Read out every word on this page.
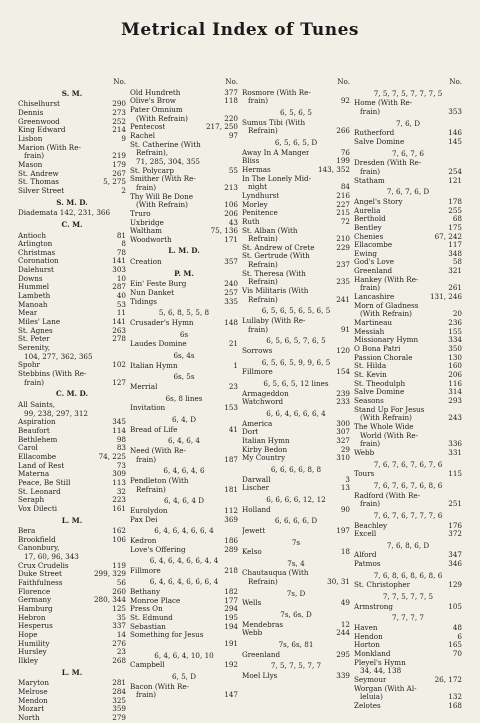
Metrical Index of Tunes
No.
S. M.
Chiselhurst	290
Dennis	273
Greenwood	252
King Edward	214
Lisbon	9
Marion (With Re-
frain)	219
Mason	179
St. Andrew	267
St. Thomas	5, 275
Silver Street	2
S. M. D.
Diademata 142, 231, 366
C. M.
Antioch	81
Arlington	8
Christmas	78
Coronation	141
Dalehurst	303
Downs	10
Hummel	287
Lambeth	40
Manoah	53
Mear	11
Miles' Lane	141
St. Agnes	263
St. Peter	278
Serenity,
104, 277, 362, 365
Spohr	102
Stebbins (With Re-
frain)	127
C. M. D.
All Saints,
99, 238, 297, 312
Aspiration	345
Beaufort	114
Bethlehem	98
Carol	83
Ellacombe	74, 225
Land of Rest	73
Materna	309
Peace, Be Still	113
St. Leonard	32
Seraph	223
Vox Dilecti	161
L. M.
Bera	162
Brookfield	106
Canonbury,
17, 60, 96, 343
Crux Crudelis	119
Duke Street	299, 329
Faithfulness	56
Florence	260
Germany	280, 344
Hamburg	125
Hebron	35
Hesperus	337
Hope	14
Humility	276
Hursley	23
Ilkley	268
L. M.
Maryton	281
Melrose	284
Mendon	325
Mozart	359
North	279
No.
Old Hundreth	377
Olive's Brow	118
Pater Omnium
(With Refrain)	220
Pentecost	217, 250
Rachel	97
St. Catherine (With
Refrain),
71, 285, 304, 355
St. Polycarp	55
Smither (With Re-
frain)	213
Thy Will Be Done
(With Refrain)	106
Truro	206
Uxbridge	43
Waltham	75, 136
Woodworth	171
L. M. D.
Creation	357
P. M.
Ein' Feste Burg	240
Nun Danket	257
Tidings	335
5, 6, 8, 5, 5, 8
Crusader's Hymn	148
6s
Laudes Domine	21
6s, 4s
Italian Hymn	1
6s, 5s
Merrial	23
6s, 8 lines
Invitation	153
6, 4, D
Bread of Life	41
6, 4, 6, 4
Need (With Re-
frain)	187
6, 4, 6, 4, 6
Pendleton (With
Refrain)	181
6, 4, 6, 4 D
Eurolydon	112
Pax Dei	369
6, 4, 6, 4, 6, 6, 4
Kedron	186
Love's Offering	289
6, 4, 6, 4, 6, 6, 4, 4
Fillmore	218
6, 4, 6, 4, 6, 6, 6, 4
Bethany	182
Monroe Place	177
Press On	294
St. Edmund	195
Sebastian	194
Something for Jesus
191
6, 4, 6, 4, 10, 10
Campbell	192
6, 5, D
Bacon (With Re-
frain)	147
No.
Rosmore (With Re-
frain)	92
6, 5, 6, 5
Sumus Tibi (With
Refrain)	266
6, 5, 6, 5, D
Away In A Manger	76
Bliss	199
Hermas	143, 352
In The Lonely Mid-
night	84
Lyndhurst	216
Morley	227
Penitence	215
Ruth	72
St. Alban (With
Refrain)	210
St. Andrew of Crete	229
St. Gertrude (With
Refrain)	237
St. Theresa (With
Refrain)	235
Vis Militaris (With
Refrain)	241
6, 5, 6, 5, 6, 5, 6, 5
Lullaby (With Re-
frain)	91
6, 5, 6, 5, 7, 6, 5
Sorrows	120
6, 5, 6, 5, 9, 9, 6, 5
Fillmore	154
6, 5, 6, 5, 12 lines
Armageddon	239
Watchword	233
6, 6, 4, 6, 6, 6, 4
America	300
Dort	307
Italian Hymn	327
Kirby Bedon	29
My Country	310
6, 6, 6, 6, 8, 8
Darwall	3
Lischer	13
6, 6, 6, 6, 12, 12
Holland	90
6, 6, 6, 6, D
Jewett	197
7s
Kelso	18
7s, 4
Chautauqua (With
Refrain)	30, 31
7s, D
Wells	49
7s, 6s, D
Mendebras	12
Webb	244
7s, 6s, 81
Greenland	295
7, 5, 7, 5, 7, 7
Moel Llys	339
No.
7, 5, 7, 5, 7, 7, 7, 5
Home (With Re-
frain)	353
7, 6, D
Rutherford	146
Salve Domine	145
7, 6, 7, 6
Dresden (With Re-
frain)	254
Statham	121
7, 6, 7, 6, D
Angel's Story	178
Aurelia	255
Berthold	68
Bentley	175
Chenies	67, 242
Ellacombe	117
Ewing	348
God's Love	58
Greenland	321
Hankey (With Re-
frain)	261
Lancashire	131, 246
Morn of Gladness
(With Refrain)	20
Martineau	236
Messiah	155
Missionary Hymn	334
O Bona Patri	350
Passion Chorale	130
St. Hilda	160
St. Kevin	206
St. Theodulph	116
Salve Domine	314
Seasons	293
Stand Up For Jesus
(With Refrain)	243
The Whole Wide
World (With Re-
frain)	336
Webb	331
7, 6, 7, 6, 7, 6, 7, 6
Tours	115
7, 6, 7, 6, 7, 6, 8, 6
Radford (With Re-
frain)	251
7, 6, 7, 6, 7, 7, 7, 6
Beachley	176
Excell	372
7, 6, 8, 6, D
Alford	347
Patmos	346
7, 6, 8, 6, 8, 6, 8, 6
St. Christopher	129
7, 7, 5, 7, 7, 5
Armstrong	105
7, 7, 7, 7
Haven	48
Hendon	6
Horton	165
Monkland	70
Pleyel's Hymn
34, 44, 138
Seymour	26, 172
Worgan (With Al-
leluia)	132
Zelotes	168
